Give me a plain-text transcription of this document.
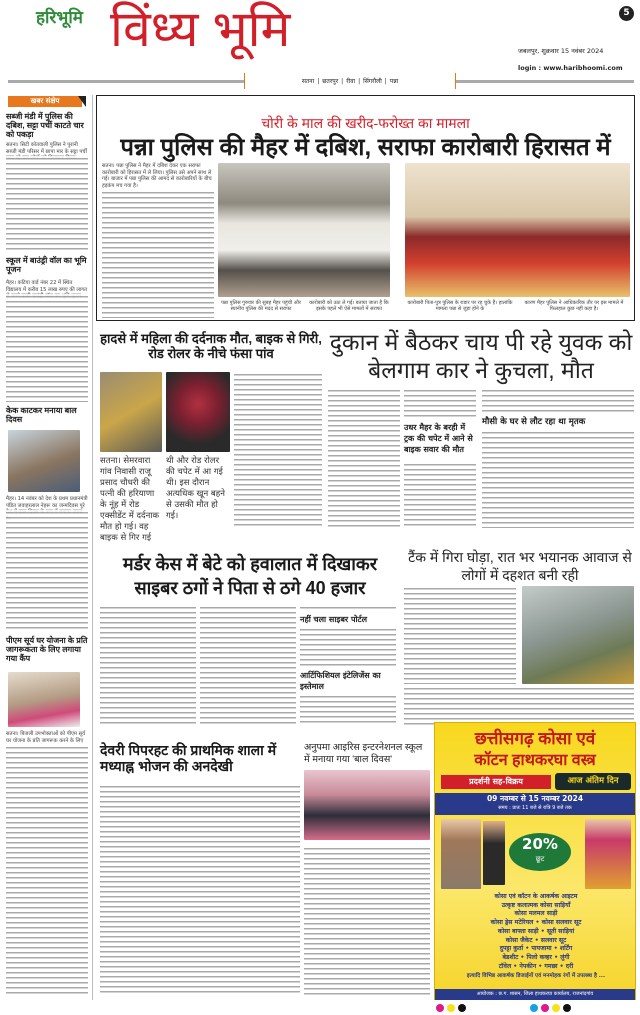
हरिभूमि विंध्य भूमि	5
जबलपुर, शुक्रवार 15 नवंबर 2024
login : www.haribhoomi.com
सतना | छतरपुर | रीवा | सिंगरौली | पन्ना
खबर संक्षेप
सब्जी मंडी में पुलिस की दबिश, सट्टा पर्ची काटते चार को पकड़ा
सतना। सिटी कोतवाली पुलिस ने पुरानी सब्जी मंडी परिसर में छापा मार के सट्टा पर्ची
स्कूल में बाउंड्री वॉल का भूमि पूजन
मैहर। कटिया वार्ड नंबर 22 में स्थित विद्यालय में करीब 15 लाख रुपए की लागत
केक काटकर मनाया बाल दिवस
मैहर। 14 नवंबर को देश के प्रथम प्रधानमंत्री पंडित जवाहरलाल नेहरू का जन्मदिवस पूरे
पीएम सूर्य घर योजना के प्रति जागरूकता के लिए लगाया गया कैंप
सतना। बिजली उपभोक्ताओं को पीएम सूर्य घर योजना के प्रति जागरूक करने के लिए
चोरी के माल की खरीद-फरोख्त का मामला
पन्ना पुलिस की मैहर में दबिश, सराफा कारोबारी हिरासत में
सतना। पन्ना पुलिस ने मैहर में दबिश देकर एक सराफा कारोबारी को हिरासत में ले लिया। पुलिस उसे अपने साथ ले गई। बाजार में पन्ना पुलिस की आमद से कारोबारियों के बीच हड़कंप मच गया है।
पन्ना पुलिस गुरुवार की सुबह मैहर पहुंची और स्थानीय पुलिस की मदद से सराफा
कारोबारी को उठा ले गई। बताया जाता है कि इसके पहले भी ऐसे मामलों में सराफा
कारोबारी पिता-पुत्र पुलिस के राडार पर रह चुके हैं। हालांकि मामला पन्ना से जुड़ा होने के
कारण मैहर पुलिस ने आधिकारिक तौर पर इस मामले में फिलहाल कुछ नहीं कहा है।
हादसे में महिला की दर्दनाक मौत, बाइक से गिरी, रोड रोलर के नीचे फंसा पांव
सतना। सेमरवारा गांव निवासी राजू प्रसाद चौधरी की पत्नी की हरियाणा के नूंह में रोड एक्सीडेंट में दर्दनाक मौत हो गई। वह बाइक से गिर गई
थी और रोड रोलर की चपेट में आ गई थी। इस दौरान अत्यधिक खून बहने से उसकी मौत हो गई।
दुकान में बैठकर चाय पी रहे युवक को बेलगाम कार ने कुचला, मौत
उधर मैहर के बरही में ट्रक की चपेट में आने से बाइक सवार की मौत
मौसी के घर से लौट रहा था मृतक
मर्डर केस में बेटे को हवालात में दिखाकर साइबर ठगों ने पिता से ठगे 40 हजार
नहीं चला साइबर पोर्टल
आर्टिफिशियल इंटेलिजेंस का इस्तेमाल
टैंक में गिरा घोड़ा, रात भर भयानक आवाज से लोगों में दहशत बनी रही
देवरी पिपरहट की प्राथमिक शाला में मध्याह्न भोजन की अनदेखी
अनुपमा आइरिस इन्टरनेशनल स्कूल में मनाया गया 'बाल दिवस'
छत्तीसगढ़ कोसा एवं
कॉटन हाथकरघा वस्त्र
प्रदर्शनी सह-विक्रय	आज अंतिम दिन
09 नवम्बर से 15 नवम्बर 2024
समय : प्रातः 11 बजे से रात्रि 9 बजे तक
20%
छूट
कोसा एवं कॉटन के आकर्षक आइटम
उत्कृष्ट कलात्मक कोसा साड़ियाँ
कोसा मलमल साड़ी
कोसा ड्रेस मटेरियल • कोसा सलवार सूट
कोसा बाफ्ता साड़ी • सूती साड़ियां
कोसा जैकेट • सलवार सूट
दुपट्टा कुर्ता • पायजामा • शर्टिंग
बेडशीट • पिलो कव्हर • लुंगी
टॉवेल • नेपकीन • गमछा • दरी
इत्यादि विभिन्न आकर्षक डिजाईनों एवं मनमोहक रंगों में उपलब्ध है ...
आयोजक : छ.ग. शासन, जिला हाथकरघा कार्यालय, राजनांदगांव
